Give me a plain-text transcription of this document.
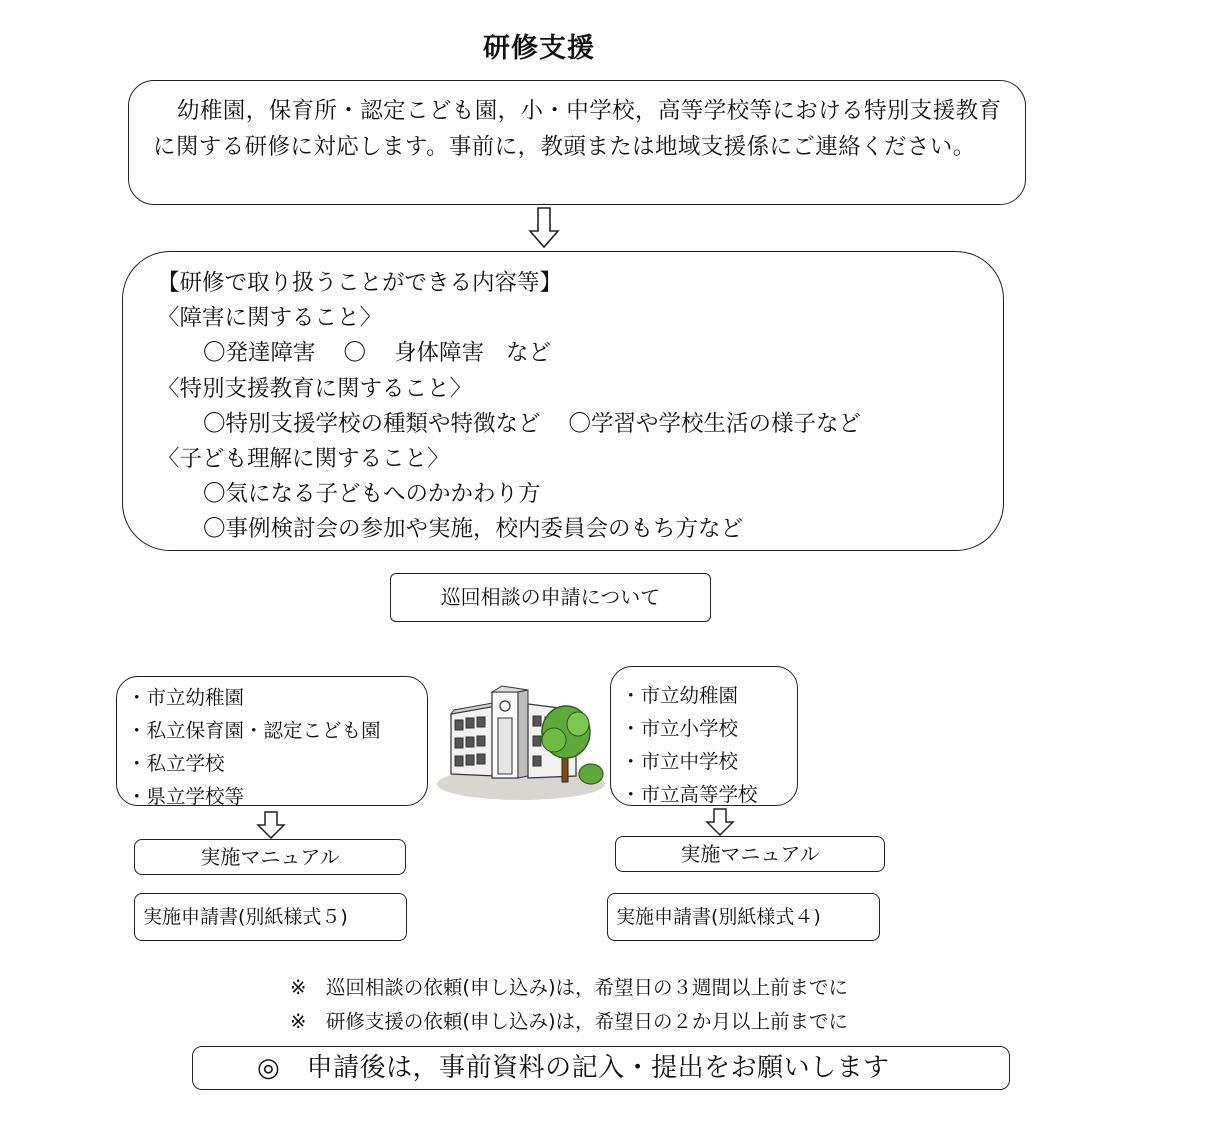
研修支援

幼稚園，保育所・認定こども園，小・中学校，高等学校等における特別支援教育に関する研修に対応します。事前に，教頭または地域支援係にご連絡ください。

【研修で取り扱うことができる内容等】
〈障害に関すること〉
〇発達障害 〇 身体障害 など
〈特別支援教育に関すること〉
〇特別支援学校の種類や特徴など 〇学習や学校生活の様子など
〈子ども理解に関すること〉
〇気になる子どもへのかかわり方
〇事例検討会の参加や実施，校内委員会のもち方など
巡回相談の申請について
・市立幼稚園
・私立保育園・認定こども園
・私立学校
・県立学校等
・市立幼稚園
・市立小学校
・市立中学校
・市立高等学校
実施マニュアル	実施マニュアル
実施申請書(別紙様式５)	実施申請書(別紙様式４)
※　巡回相談の依頼(申し込み)は，希望日の３週間以上前までに
※　研修支援の依頼(申し込み)は，希望日の２か月以上前までに
◎　申請後は，事前資料の記入・提出をお願いします
